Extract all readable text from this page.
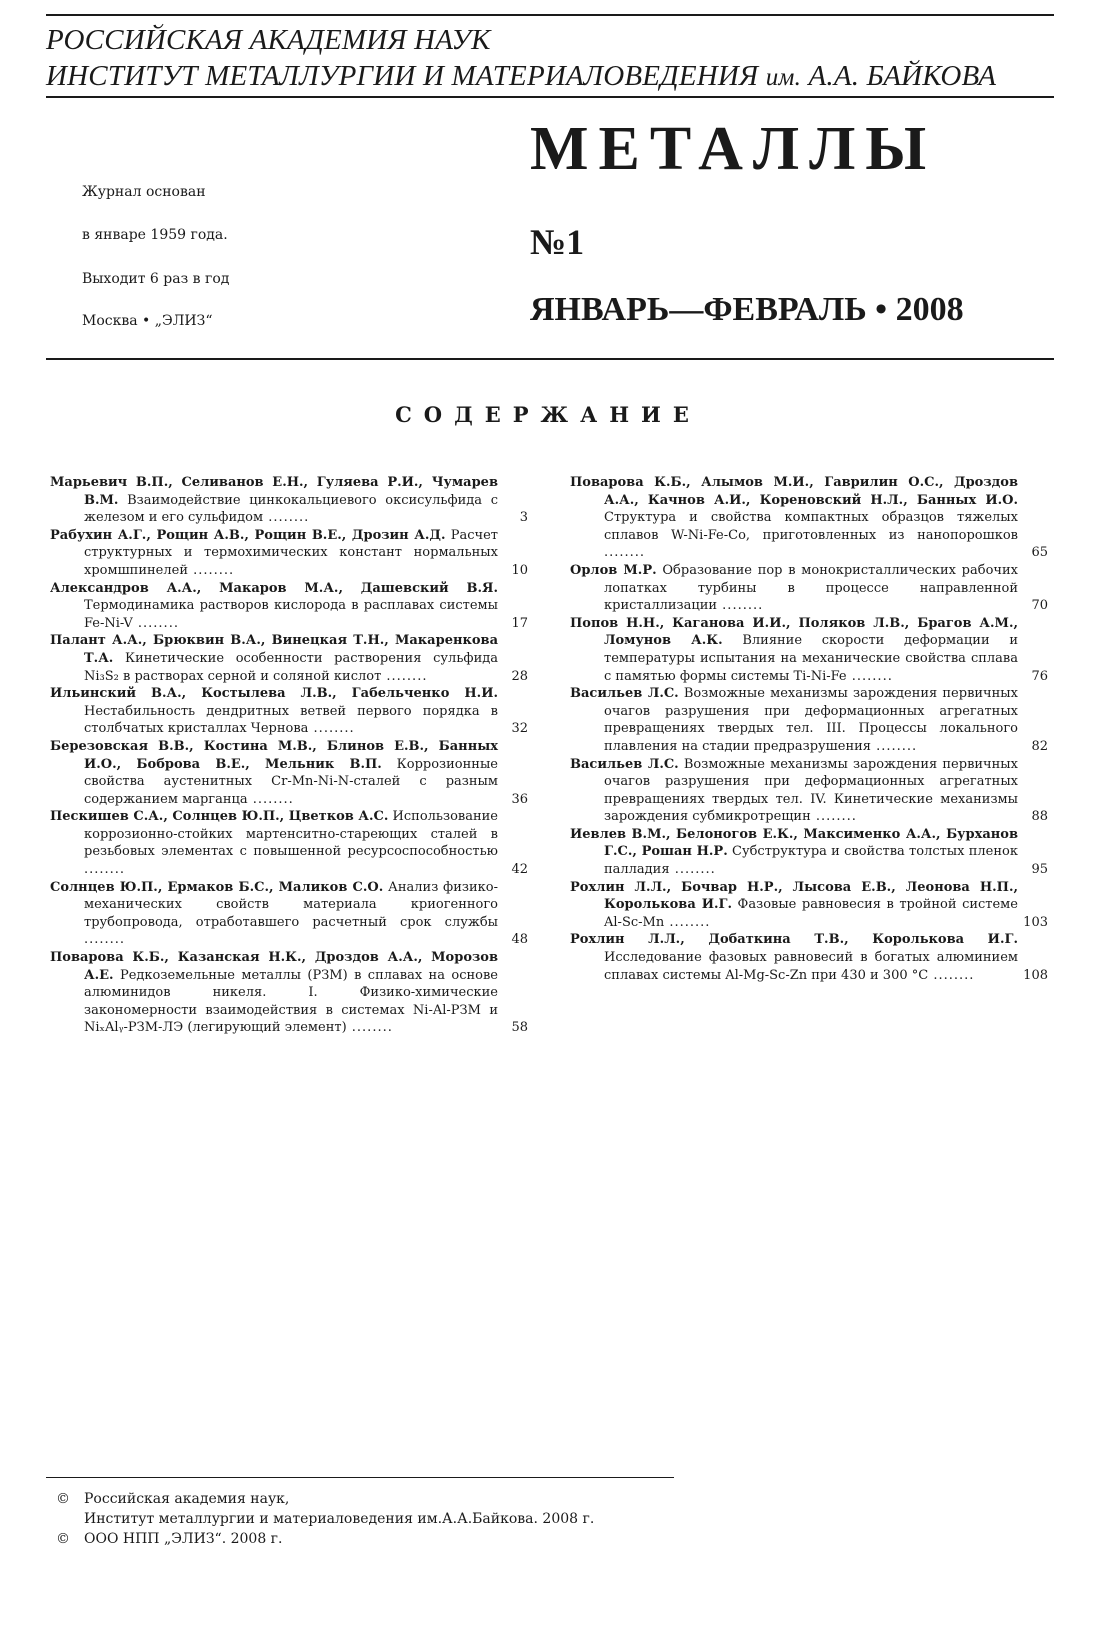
РОССИЙСКАЯ АКАДЕМИЯ НАУК
ИНСТИТУТ МЕТАЛЛУРГИИ И МАТЕРИАЛОВЕДЕНИЯ им. А.А. БАЙКОВА
МЕТАЛЛЫ
№1
ЯНВАРЬ—ФЕВРАЛЬ • 2008
Журнал основан
в январе 1959 года.
Выходит 6 раз в год
Москва • „ЭЛИЗ“
СОДЕРЖАНИЕ
Марьевич В.П., Селиванов Е.Н., Гуляева Р.И., Чумарев В.М. Взаимодействие цинкокальциевого оксисульфида с железом и его сульфидом ........	3
Рабухин А.Г., Рощин А.В., Рощин В.Е., Дрозин А.Д. Расчет структурных и термохимических констант нормальных хромшпинелей ........	10
Александров А.А., Макаров М.А., Дашевский В.Я. Термодинамика растворов кислорода в расплавах системы Fe-Ni-V ........	17
Палант А.А., Брюквин В.А., Винецкая Т.Н., Макаренкова Т.А. Кинетические особенности растворения сульфида Ni₃S₂ в растворах серной и соляной кислот ........	28
Ильинский В.А., Костылева Л.В., Габельченко Н.И. Нестабильность дендритных ветвей первого порядка в столбчатых кристаллах Чернова ........	32
Березовская В.В., Костина М.В., Блинов Е.В., Банных И.О., Боброва В.Е., Мельник В.П. Коррозионные свойства аустенитных Cr-Mn-Ni-N-сталей с разным содержанием марганца ........	36
Пескишев С.А., Солнцев Ю.П., Цветков А.С. Использование коррозионно-стойких мартенситно-стареющих сталей в резьбовых элементах с повышенной ресурсоспособностью ........	42
Солнцев Ю.П., Ермаков Б.С., Маликов С.О. Анализ физико-механических свойств материала криогенного трубопровода, отработавшего расчетный срок службы ........	48
Поварова К.Б., Казанская Н.К., Дроздов А.А., Морозов А.Е. Редкоземельные металлы (РЗМ) в сплавах на основе алюминидов никеля. I. Физико-химические закономерности взаимодействия в системах Ni-Al-РЗМ и NiₓAlᵧ-РЗМ-ЛЭ (легирующий элемент) ........	58
Поварова К.Б., Алымов М.И., Гаврилин О.С., Дроздов А.А., Качнов А.И., Кореновский Н.Л., Банных И.О. Структура и свойства компактных образцов тяжелых сплавов W-Ni-Fe-Co, приготовленных из нанопорошков ........	65
Орлов М.Р. Образование пор в монокристаллических рабочих лопатках турбины в процессе направленной кристаллизации ........	70
Попов Н.Н., Каганова И.И., Поляков Л.В., Брагов А.М., Ломунов А.К. Влияние скорости деформации и температуры испытания на механические свойства сплава с памятью формы системы Ti-Ni-Fe ........	76
Васильев Л.С. Возможные механизмы зарождения первичных очагов разрушения при деформационных агрегатных превращениях твердых тел. III. Процессы локального плавления на стадии предразрушения ........	82
Васильев Л.С. Возможные механизмы зарождения первичных очагов разрушения при деформационных агрегатных превращениях твердых тел. IV. Кинетические механизмы зарождения субмикротрещин ........	88
Иевлев В.М., Белоногов Е.К., Максименко А.А., Бурханов Г.С., Рошан Н.Р. Субструктура и свойства толстых пленок палладия ........	95
Рохлин Л.Л., Бочвар Н.Р., Лысова Е.В., Леонова Н.П., Королькова И.Г. Фазовые равновесия в тройной системе Al-Sc-Mn ........	103
Рохлин Л.Л., Добаткина Т.В., Королькова И.Г. Исследование фазовых равновесий в богатых алюминием сплавах системы Al-Mg-Sc-Zn при 430 и 300 °С ........	108
© Российская академия наук,
Институт металлургии и материаловедения им.А.А.Байкова. 2008 г.
© ООО НПП „ЭЛИЗ“. 2008 г.
